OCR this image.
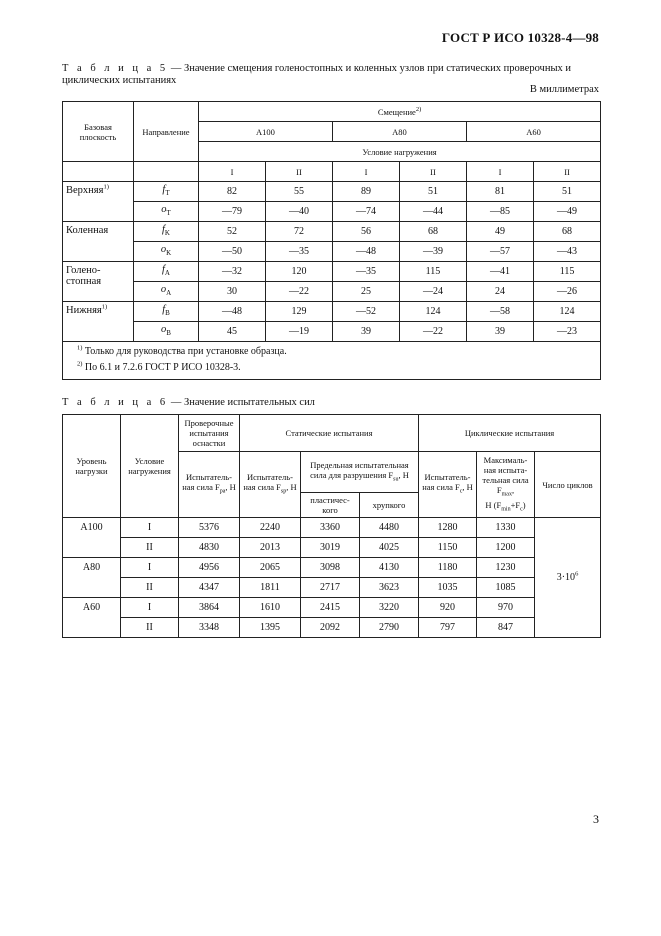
ГОСТ Р ИСО 10328-4—98
Т а б л и ц а 5 — Значение смещения голеностопных и коленных узлов при статических проверочных и циклических испытаниях
В миллиметрах
Базовая плоскость	Направление	Смещение$^{2)}$
		А100		А80		А60	
		Условие нагружения					
		I	II	I	II	I	II
Верхняя$^{1)}$	$f_T$	82	55	89	51	81	51
	$o_T$	—79	—40	—74	—44	—85	—49
Коленная	$f_K$	52	72	56	68	49	68
	$o_K$	—50	—35	—48	—39	—57	—43
Голено-
стопная	$f_A$	—32	120	—35	115	—41	115
	$o_A$	30	—22	25	—24	24	—26
Нижняя$^{1)}$	$f_B$	—48	129	—52	124	—58	124
	$o_B$	45	—19	39	—22	39	—23

$^{1)}$ Только для руководства при установке образца.
$^{2)}$ По 6.1 и 7.2.6 ГОСТ Р ИСО 10328-3.							
Т а б л и ц а 6 — Значение испытательных сил
Уровень нагрузки	Условие нагружения	Проверочные испытания оснастки	Статические испытания			Циклические испытания		
		Испытатель-ная сила $F_{pa}$, Н	Испытатель-ная сила $F_{sp}$, Н	Предельная испытательная сила для разрушения $F_{su}$, Н		Испытатель-ная сила $F_c$, Н	Максималь-ная испыта-тельная сила $F_{max}$,
Н $(F_{min}+F_c)$	Число циклов
				пластичес-кого	хрупкого			
А100	I	5376	2240	3360	4480	1280	1330	$3\cdot 10^6$
	II	4830	2013	3019	4025	1150	1200	
А80	I	4956	2065	3098	4130	1180	1230	
	II	4347	1811	2717	3623	1035	1085	
А60	I	3864	1610	2415	3220	920	970	
	II	3348	1395	2092	2790	797	847	
3
